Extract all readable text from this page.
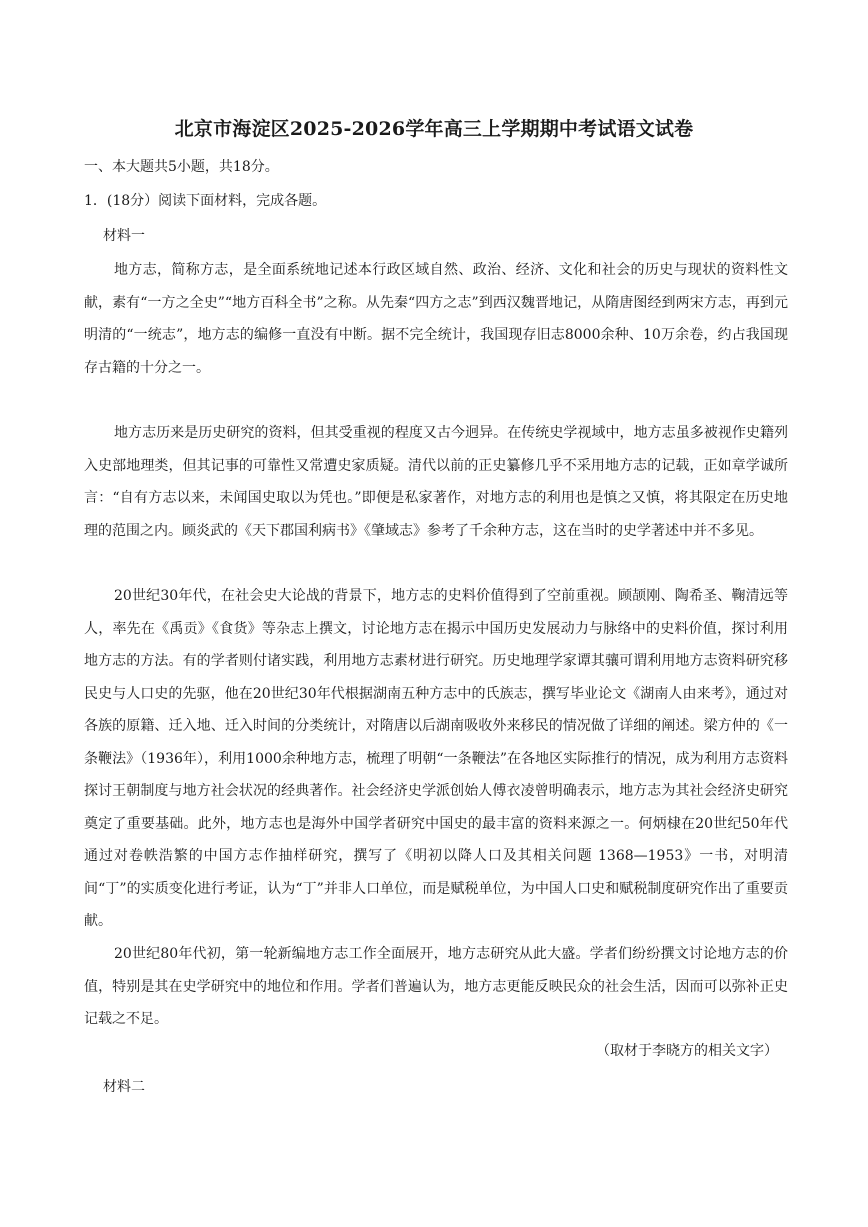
北京市海淀区2025-2026学年高三上学期期中考试语文试卷
一、本大题共5小题，共18分。
1．(18分）阅读下面材料，完成各题。
材料一

地方志，简称方志，是全面系统地记述本行政区域自然、政治、经济、文化和社会的历史与现状的资料性文献，素有“一方之全史”“地方百科全书”之称。从先秦“四方之志”到西汉魏晋地记，从隋唐图经到两宋方志，再到元明清的“一统志”，地方志的编修一直没有中断。据不完全统计，我国现存旧志8000余种、10万余卷，约占我国现存古籍的十分之一。

地方志历来是历史研究的资料，但其受重视的程度又古今迥异。在传统史学视域中，地方志虽多被视作史籍列入史部地理类，但其记事的可靠性又常遭史家质疑。清代以前的正史纂修几乎不采用地方志的记载，正如章学诚所言：“自有方志以来，未闻国史取以为凭也。”即便是私家著作，对地方志的利用也是慎之又慎，将其限定在历史地理的范围之内。顾炎武的《天下郡国利病书》《肇域志》参考了千余种方志，这在当时的史学著述中并不多见。

20世纪30年代，在社会史大论战的背景下，地方志的史料价值得到了空前重视。顾颉刚、陶希圣、鞠清远等人，率先在《禹贡》《食货》等杂志上撰文，讨论地方志在揭示中国历史发展动力与脉络中的史料价值，探讨利用地方志的方法。有的学者则付诸实践，利用地方志素材进行研究。历史地理学家谭其骧可谓利用地方志资料研究移民史与人口史的先驱，他在20世纪30年代根据湖南五种方志中的氏族志，撰写毕业论文《湖南人由来考》，通过对各族的原籍、迁入地、迁入时间的分类统计，对隋唐以后湖南吸收外来移民的情况做了详细的阐述。梁方仲的《一条鞭法》（1936年），利用1000余种地方志，梳理了明朝“一条鞭法”在各地区实际推行的情况，成为利用方志资料探讨王朝制度与地方社会状况的经典著作。社会经济史学派创始人傅衣凌曾明确表示，地方志为其社会经济史研究奠定了重要基础。此外，地方志也是海外中国学者研究中国史的最丰富的资料来源之一。何炳棣在20世纪50年代通过对卷帙浩繁的中国方志作抽样研究，撰写了《明初以降人口及其相关问题 1368—1953》一书，对明清间“丁”的实质变化进行考证，认为“丁”并非人口单位，而是赋税单位，为中国人口史和赋税制度研究作出了重要贡献。

20世纪80年代初，第一轮新编地方志工作全面展开，地方志研究从此大盛。学者们纷纷撰文讨论地方志的价值，特别是其在史学研究中的地位和作用。学者们普遍认为，地方志更能反映民众的社会生活，因而可以弥补正史记载之不足。

（取材于李晓方的相关文字）
材料二
